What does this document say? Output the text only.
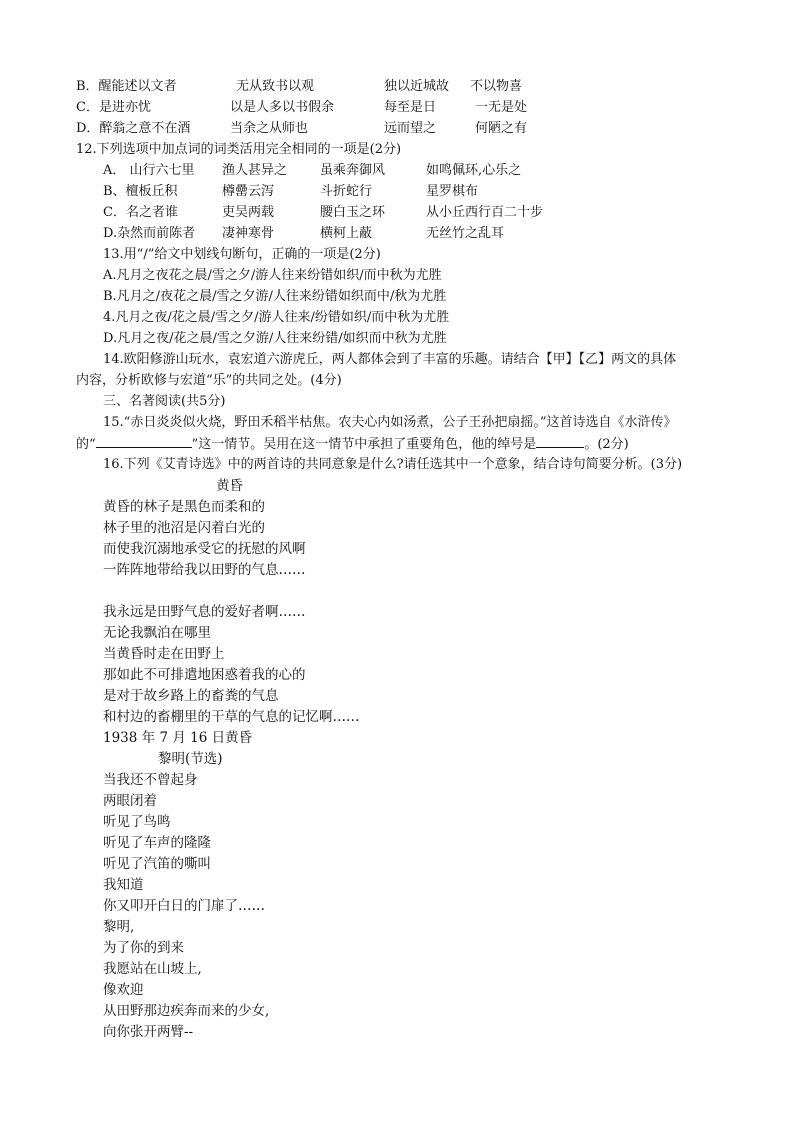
B．醒能述以文者	无从致书以观	独以近城故 不以物喜
C．是进亦忧	以是人多以书假余	每至是日	一无是处
D．醉翁之意不在酒	当余之从师也	远而望之	何陋之有
12.下列选项中加点词的词类活用完全相同的一项是(2分)
A． 山行六七里 渔人甚异之	虽乘奔御风	如鸣佩环,心乐之
B、檀板丘积	樽罍云泻	斗折蛇行	星罗棋布
C．名之者谁	吏吴两载	腰白玉之环	从小丘西行百二十步
D.杂然而前陈者 凄神寒骨	横柯上蔽	无丝竹之乱耳
13.用“/”给文中划线句断句，正确的一项是(2分)
A.凡月之夜花之晨/雪之夕/游人往来纷错如织/而中秋为尤胜
B.凡月之/夜花之晨/雪之夕游/人往来纷错如织而中/秋为尤胜
4.凡月之夜/花之晨/雪之夕/游人往来/纷错如织/而中秋为尤胜
D.凡月之夜/花之晨/雪之夕游/人往来纷错/如织而中秋为尤胜
14.欧阳修游山玩水，袁宏道六游虎丘，两人都体会到了丰富的乐趣。请结合【甲】【乙】两文的具体
内容，分析欧修与宏道“乐”的共同之处。(4分)
三、名著阅读(共5分)
15.“赤日炎炎似火烧，野田禾稻半枯焦。农夫心内如汤煮，公子王孙把扇摇。”这首诗选自《水浒传》
的“	”这一情节。吴用在这一情节中承担了重要角色，他的绰号是	。(2分)
16.下列《艾青诗选》中的两首诗的共同意象是什么?请任选其中一个意象，结合诗句简要分析。(3分)
黄昏
黄昏的林子是黑色而柔和的
林子里的池沼是闪着白光的
而使我沉溺地承受它的抚慰的风啊
一阵阵地带给我以田野的气息……
我永远是田野气息的爱好者啊……
无论我飘泊在哪里
当黄昏时走在田野上
那如此不可排遣地困惑着我的心的
是对于故乡路上的畜粪的气息
和村边的畜棚里的干草的气息的记忆啊……
1938 年 7 月 16 日黄昏
黎明(节选)
当我还不曾起身
两眼闭着
听见了鸟鸣
听见了车声的隆隆
听见了汽笛的嘶叫
我知道
你又叩开白日的门扉了……
黎明,
为了你的到来
我愿站在山坡上,
像欢迎
从田野那边疾奔而来的少女,
向你张开两臂--
